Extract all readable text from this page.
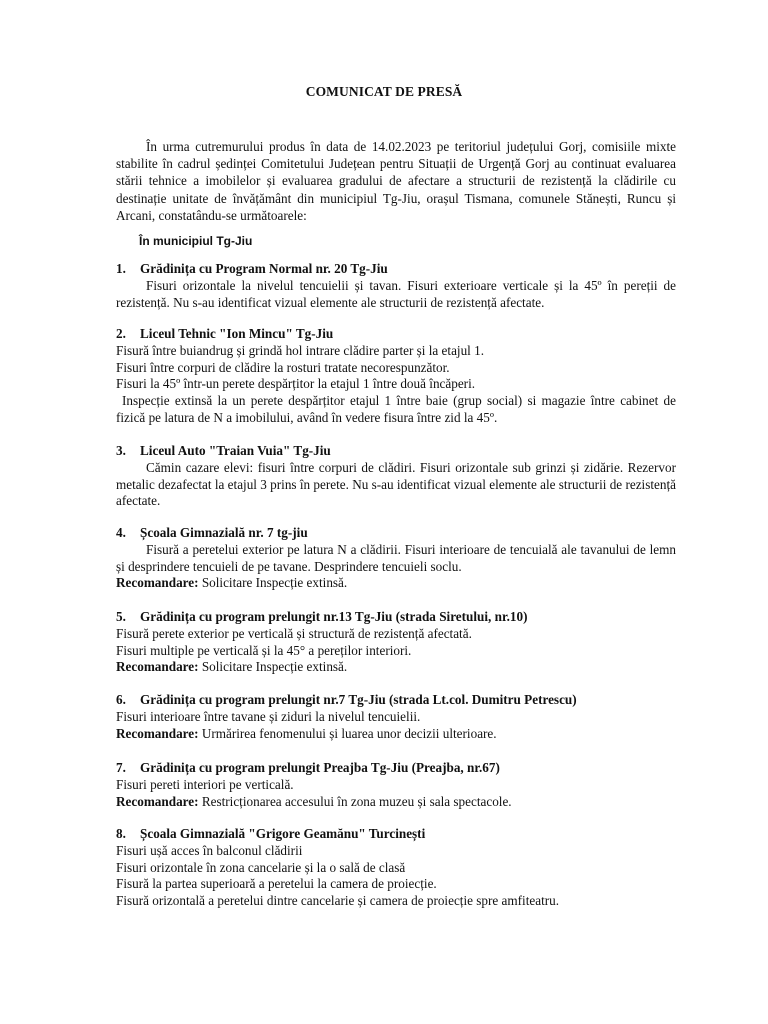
COMUNICAT DE PRESĂ
În urma cutremurului produs în data de 14.02.2023 pe teritoriul județului Gorj, comisiile mixte stabilite în cadrul ședinței Comitetului Județean pentru Situații de Urgență Gorj au continuat evaluarea stării tehnice a imobilelor și evaluarea gradului de afectare a structurii de rezistență la clădirile cu destinație unitate de învățământ din municipiul Tg-Jiu, orașul Tismana, comunele Stănești, Runcu și Arcani, constatându-se următoarele:
În municipiul Tg-Jiu
1. Grădinița cu Program Normal nr. 20 Tg-Jiu
Fisuri orizontale la nivelul tencuielii și tavan. Fisuri exterioare verticale și la 45º în pereții de rezistență. Nu s-au identificat vizual elemente ale structurii de rezistență afectate.
2. Liceul Tehnic "Ion Mincu" Tg-Jiu
Fisură între buiandrug și grindă hol intrare clădire parter și la etajul 1.
Fisuri între corpuri de clădire la rosturi tratate necorespunzător.
Fisuri la 45º într-un perete despărțitor la etajul 1 între două încăperi.
Inspecție extinsă la un perete despărțitor etajul 1 între baie (grup social) si magazie între cabinet de fizică pe latura de N a imobilului, având în vedere fisura între zid la 45º.
3. Liceul Auto "Traian Vuia" Tg-Jiu
Cămin cazare elevi: fisuri între corpuri de clădiri. Fisuri orizontale sub grinzi și zidărie. Rezervor metalic dezafectat la etajul 3 prins în perete. Nu s-au identificat vizual elemente ale structurii de rezistență afectate.
4. Școala Gimnazială nr. 7 tg-jiu
Fisură a peretelui exterior pe latura N a clădirii. Fisuri interioare de tencuială ale tavanului de lemn și desprindere tencuieli de pe tavane. Desprindere tencuieli soclu.
Recomandare: Solicitare Inspecție extinsă.
5. Grădinița cu program prelungit nr.13 Tg-Jiu (strada Siretului, nr.10)
Fisură perete exterior pe verticală și structură de rezistență afectată.
Fisuri multiple pe verticală și la 45° a pereților interiori.
Recomandare: Solicitare Inspecție extinsă.
6. Grădinița cu program prelungit nr.7 Tg-Jiu (strada Lt.col. Dumitru Petrescu)
Fisuri interioare între tavane și ziduri la nivelul tencuielii.
Recomandare: Urmărirea fenomenului și luarea unor decizii ulterioare.
7. Grădinița cu program prelungit Preajba Tg-Jiu (Preajba, nr.67)
Fisuri pereti interiori pe verticală.
Recomandare: Restricționarea accesului în zona muzeu și sala spectacole.
8. Școala Gimnazială "Grigore Geamănu" Turcinești
Fisuri ușă acces în balconul clădirii
Fisuri orizontale în zona cancelarie și la o sală de clasă
Fisură la partea superioară a peretelui la camera de proiecție.
Fisură orizontală a peretelui dintre cancelarie și camera de proiecție spre amfiteatru.
